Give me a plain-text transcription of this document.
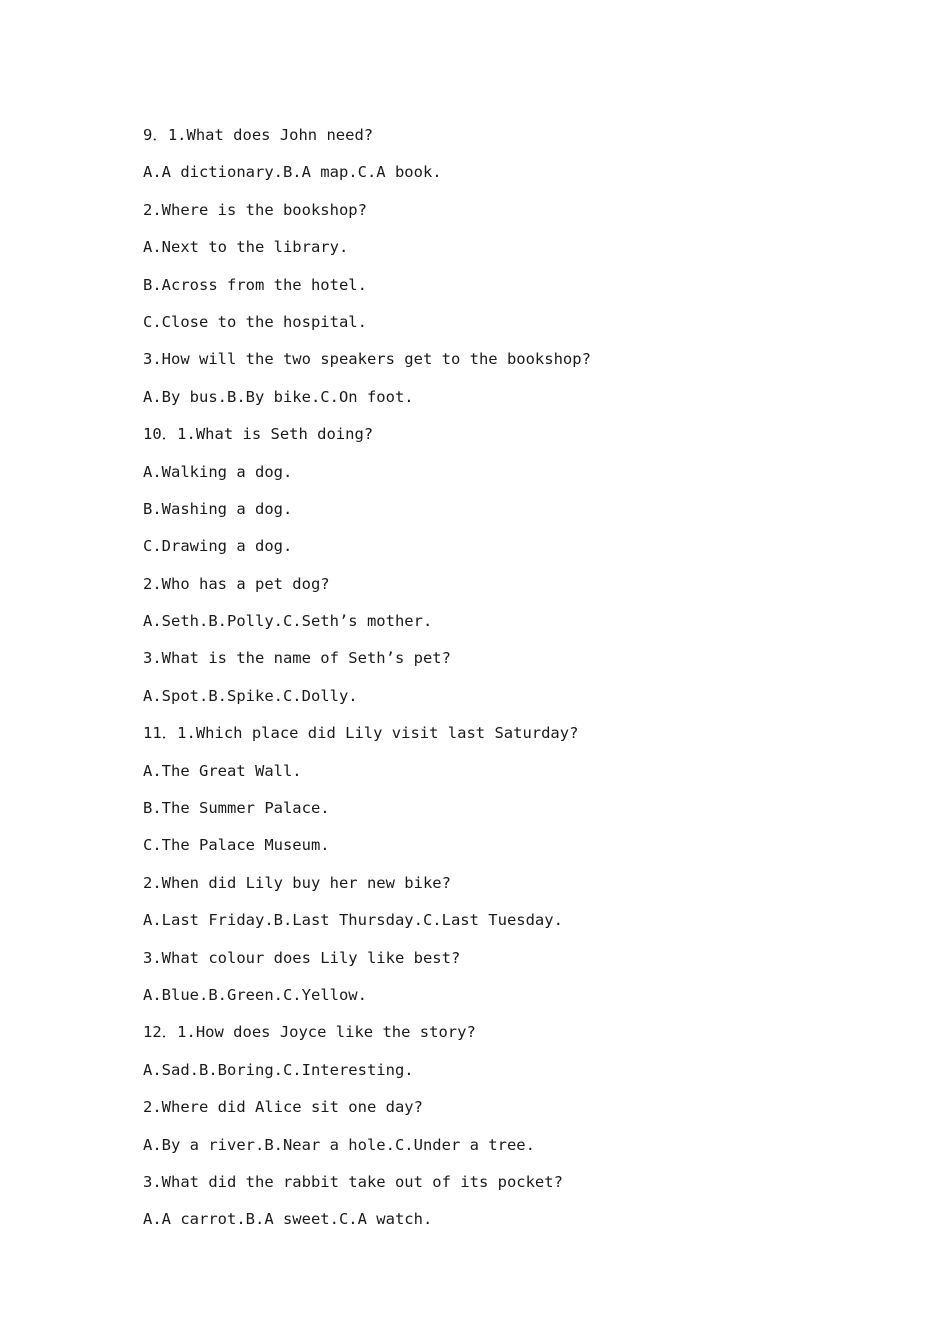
9．1.What does John need?
A.A dictionary.B.A map.C.A book.
2.Where is the bookshop?
A.Next to the library.
B.Across from the hotel.
C.Close to the hospital.
3.How will the two speakers get to the bookshop?
A.By bus.B.By bike.C.On foot.
10．1.What is Seth doing?
A.Walking a dog.
B.Washing a dog.
C.Drawing a dog.
2.Who has a pet dog?
A.Seth.B.Polly.C.Seth’s mother.
3.What is the name of Seth’s pet?
A.Spot.B.Spike.C.Dolly.
11．1.Which place did Lily visit last Saturday?
A.The Great Wall.
B.The Summer Palace.
C.The Palace Museum.
2.When did Lily buy her new bike?
A.Last Friday.B.Last Thursday.C.Last Tuesday.
3.What colour does Lily like best?
A.Blue.B.Green.C.Yellow.
12．1.How does Joyce like the story?
A.Sad.B.Boring.C.Interesting.
2.Where did Alice sit one day?
A.By a river.B.Near a hole.C.Under a tree.
3.What did the rabbit take out of its pocket?
A.A carrot.B.A sweet.C.A watch.
